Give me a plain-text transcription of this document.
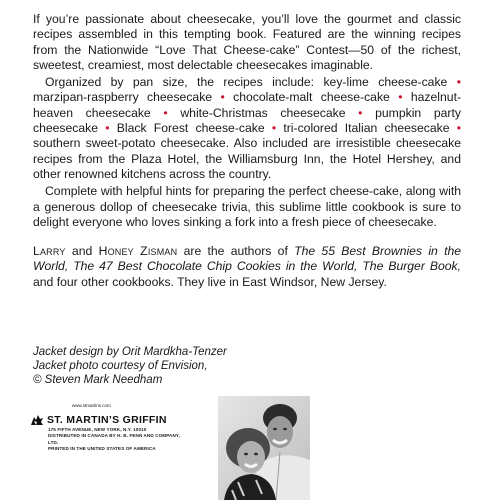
If you’re passionate about cheesecake, you’ll love the gourmet and classic recipes assembled in this tempting book. Featured are the winning recipes from the Nationwide “Love That Cheese-cake” Contest—50 of the richest, sweetest, creamiest, most delectable cheesecakes imaginable.

Organized by pan size, the recipes include: key-lime cheese-cake • marzipan-raspberry cheesecake • chocolate-malt cheese-cake • hazelnut-heaven cheesecake • white-Christmas cheesecake • pumpkin party cheesecake • Black Forest cheese-cake • tri-colored Italian cheesecake • southern sweet-potato cheesecake. Also included are irresistible cheesecake recipes from the Plaza Hotel, the Williamsburg Inn, the Hotel Hershey, and other renowned kitchens across the country.

Complete with helpful hints for preparing the perfect cheese-cake, along with a generous dollop of cheesecake trivia, this sublime little cookbook is sure to delight everyone who loves sinking a fork into a fresh piece of cheesecake.

Larry and Honey Zisman are the authors of The 55 Best Brownies in the World, The 47 Best Chocolate Chip Cookies in the World, The Burger Book, and four other cookbooks. They live in East Windsor, New Jersey.

Jacket design by Orit Mardkha-Tenzer

Jacket photo courtesy of Envision,

© Steven Mark Needham

www.stmartins.com
ST. MARTIN’S GRIFFIN
175 FIFTH AVENUE, NEW YORK, N.Y. 10010
DISTRIBUTED IN CANADA BY H. B. FENN AND COMPANY, LTD.
PRINTED IN THE UNITED STATES OF AMERICA
